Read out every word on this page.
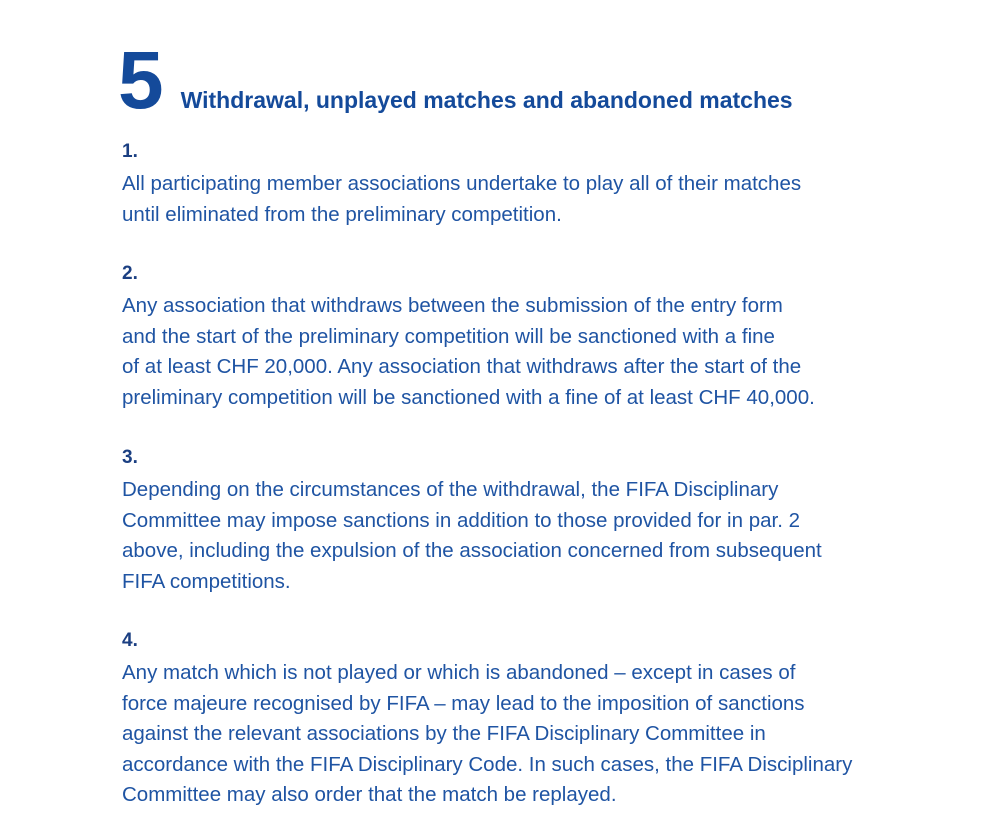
5 Withdrawal, unplayed matches and abandoned matches

1.

All participating member associations undertake to play all of their matches
until eliminated from the preliminary competition.

2.

Any association that withdraws between the submission of the entry form
and the start of the preliminary competition will be sanctioned with a fine
of at least CHF 20,000. Any association that withdraws after the start of the
preliminary competition will be sanctioned with a fine of at least CHF 40,000.

3.

Depending on the circumstances of the withdrawal, the FIFA Disciplinary
Committee may impose sanctions in addition to those provided for in par. 2
above, including the expulsion of the association concerned from subsequent
FIFA competitions.

4.

Any match which is not played or which is abandoned – except in cases of
force majeure recognised by FIFA – may lead to the imposition of sanctions
against the relevant associations by the FIFA Disciplinary Committee in
accordance with the FIFA Disciplinary Code. In such cases, the FIFA Disciplinary
Committee may also order that the match be replayed.
